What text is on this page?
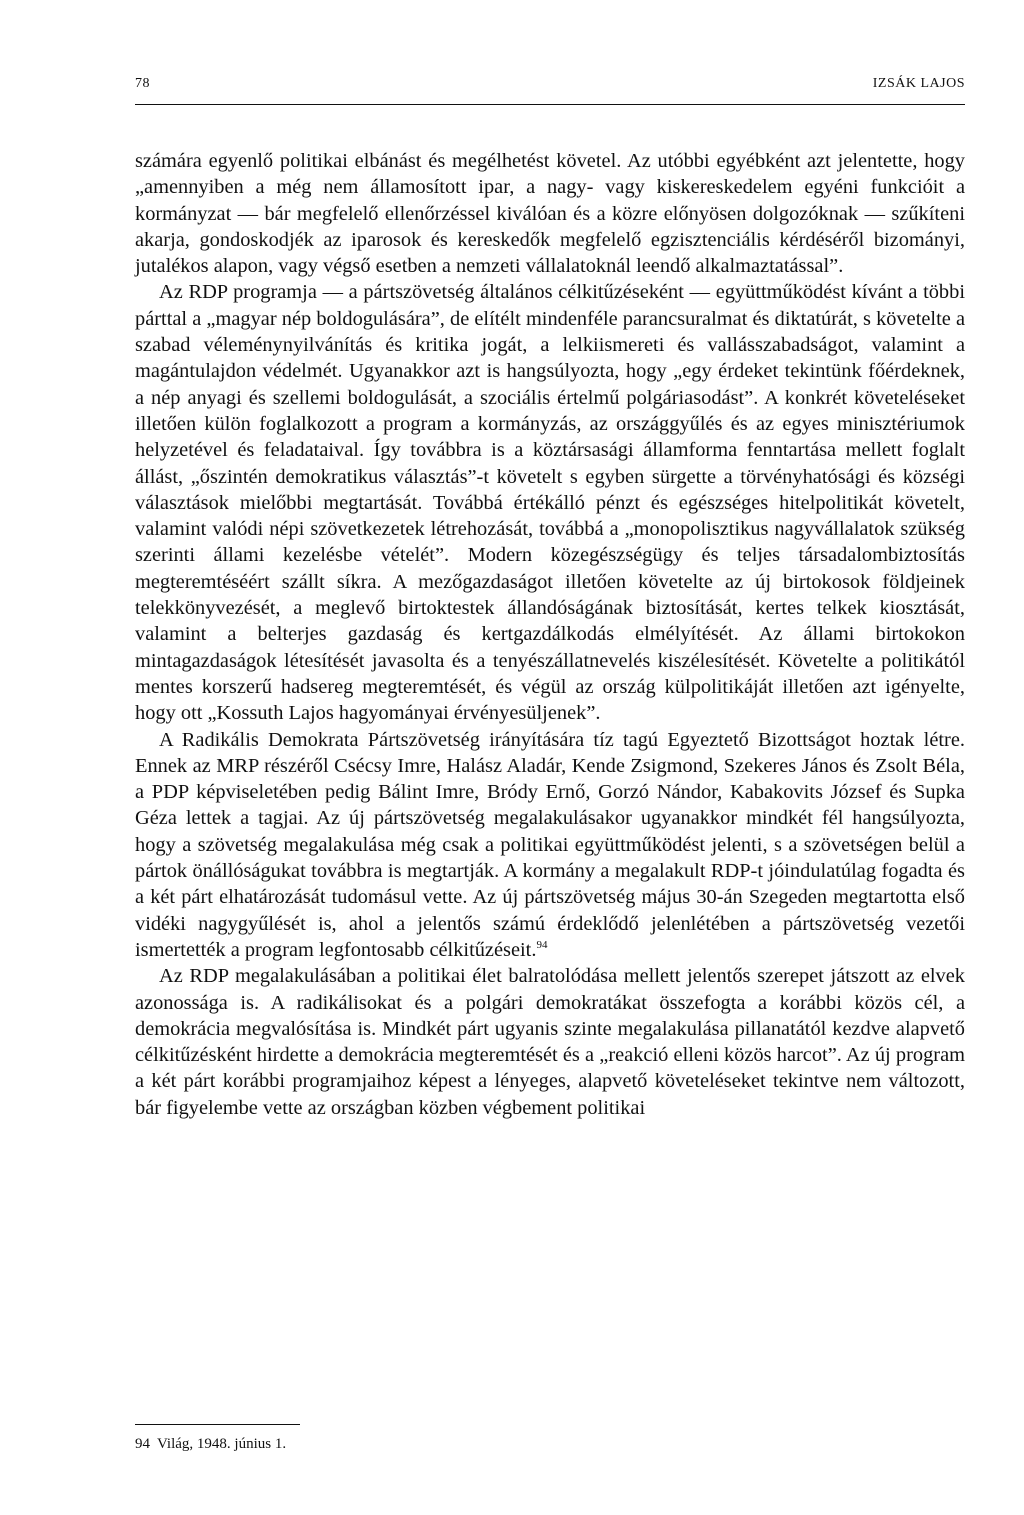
78	IZSÁK LAJOS

számára egyenlő politikai elbánást és megélhetést követel. Az utóbbi egyébként azt jelentette, hogy „amennyiben a még nem államosított ipar, a nagy- vagy kiskereskedelem egyéni funkcióit a kormányzat — bár megfelelő ellenőrzéssel kiválóan és a közre előnyösen dolgozóknak — szűkíteni akarja, gondoskodjék az iparosok és kereskedők megfelelő egzisztenciális kérdéséről bizományi, jutalékos alapon, vagy végső esetben a nemzeti vállalatoknál leendő alkalmaztatással”.

Az RDP programja — a pártszövetség általános célkitűzéseként — együttműködést kívánt a többi párttal a „magyar nép boldogulására”, de elítélt mindenféle parancsuralmat és diktatúrát, s követelte a szabad véleménynyilvánítás és kritika jogát, a lelkiismereti és vallásszabadságot, valamint a magántulajdon védelmét. Ugyanakkor azt is hangsúlyozta, hogy „egy érdeket tekintünk főérdeknek, a nép anyagi és szellemi boldogulását, a szociális értelmű polgáriasodást”. A konkrét követeléseket illetően külön foglalkozott a program a kormányzás, az országgyűlés és az egyes minisztériumok helyzetével és feladataival. Így továbbra is a köztársasági államforma fenntartása mellett foglalt állást, „őszintén demokratikus választás”-t követelt s egyben sürgette a törvényhatósági és községi választások mielőbbi megtartását. Továbbá értékálló pénzt és egészséges hitelpolitikát követelt, valamint valódi népi szövetkezetek létrehozását, továbbá a „monopolisztikus nagyvállalatok szükség szerinti állami kezelésbe vételét”. Modern közegészségügy és teljes társadalombiztosítás megteremtéséért szállt síkra. A mezőgazdaságot illetően követelte az új birtokosok földjeinek telekkönyvezését, a meglevő birtoktestek állandóságának biztosítását, kertes telkek kiosztását, valamint a belterjes gazdaság és kertgazdálkodás elmélyítését. Az állami birtokokon mintagazdaságok létesítését javasolta és a tenyészállatnevelés kiszélesítését. Követelte a politikától mentes korszerű hadsereg megteremtését, és végül az ország külpolitikáját illetően azt igényelte, hogy ott „Kossuth Lajos hagyományai érvényesüljenek”.

A Radikális Demokrata Pártszövetség irányítására tíz tagú Egyeztető Bizottságot hoztak létre. Ennek az MRP részéről Csécsy Imre, Halász Aladár, Kende Zsigmond, Szekeres János és Zsolt Béla, a PDP képviseletében pedig Bálint Imre, Bródy Ernő, Gorzó Nándor, Kabakovits József és Supka Géza lettek a tagjai. Az új pártszövetség megalakulásakor ugyanakkor mindkét fél hangsúlyozta, hogy a szövetség megalakulása még csak a politikai együttműködést jelenti, s a szövetségen belül a pártok önállóságukat továbbra is megtartják. A kormány a megalakult RDP-t jóindulatúlag fogadta és a két párt elhatározását tudomásul vette. Az új pártszövetség május 30-án Szegeden megtartotta első vidéki nagygyűlését is, ahol a jelentős számú érdeklődő jelenlétében a pártszövetség vezetői ismertették a program legfontosabb célkitűzéseit.$^{94}$

Az RDP megalakulásában a politikai élet balratolódása mellett jelentős szerepet játszott az elvek azonossága is. A radikálisokat és a polgári demokratákat összefogta a korábbi közös cél, a demokrácia megvalósítása is. Mindkét párt ugyanis szinte megalakulása pillanatától kezdve alapvető célkitűzésként hirdette a demokrácia megteremtését és a „reakció elleni közös harcot”. Az új program a két párt korábbi programjaihoz képest a lényeges, alapvető követeléseket tekintve nem változott, bár figyelembe vette az országban közben végbement politikai

94 Világ, 1948. június 1.
